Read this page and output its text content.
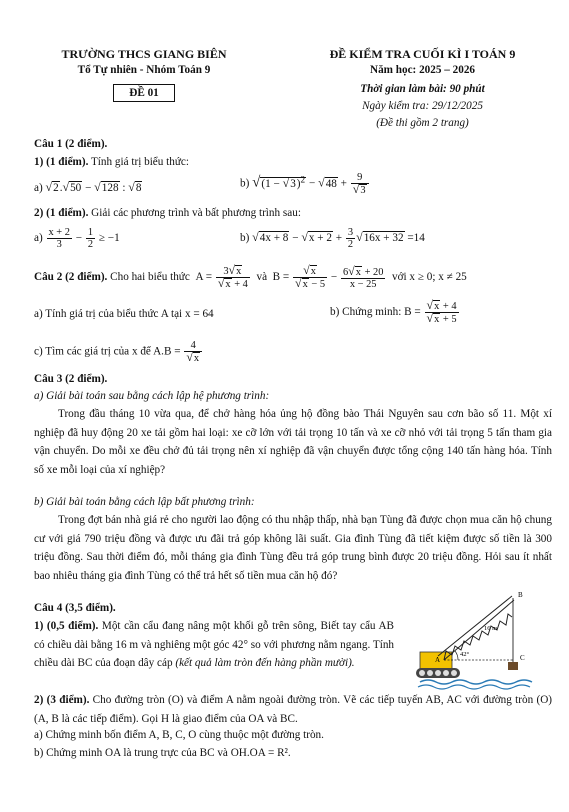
TRƯỜNG THCS GIANG BIÊN
Tổ Tự nhiên - Nhóm Toán 9
ĐỀ 01
ĐỀ KIỂM TRA CUỐI KÌ I TOÁN 9
Năm học: 2025 – 2026
Thời gian làm bài: 90 phút
Ngày kiểm tra: 29/12/2025
(Đề thi gồm 2 trang)
Câu 1 (2 điểm).
1) (1 điểm). Tính giá trị biểu thức:
a) √2.√50 − √128 : √8	b) $√(1 - √3)^2 - √48 + \frac{9}{√3}$
2) (1 điểm). Giải các phương trình và bất phương trình sau:
$a) \frac{x + 2}{3} - \frac{1}{2} \ge -1$	b) $√4x + 8 - √x + 2 + \frac{3}{2} √16x + 32 =14$
Câu 2 (2 điểm). Cho hai biểu thức  $A = \frac{3√x}{√x + 4}$ và  $B = \frac{√x}{√x - 5} - \frac{6√x + 20}{x - 25}$ với x ≥ 0; x ≠ 25
a) Tính giá trị của biểu thức A tại x = 64	b) Chứng minh: $B = \frac{√x + 4}{√x + 5}$
c) Tìm các giá trị của x để $A.B = \frac{4}{√x}$
Câu 3 (2 điểm).
a) Giải bài toán sau bằng cách lập hệ phương trình:
Trong đầu tháng 10 vừa qua, để chở hàng hóa ủng hộ đồng bào Thái Nguyên sau cơn bão số 11. Một xí nghiệp đã huy động 20 xe tải gồm hai loại: xe cỡ lớn với tải trọng 10 tấn và xe cỡ nhỏ với tải trọng 5 tấn tham gia vận chuyển. Do mỗi xe đều chở đủ tải trọng nên xí nghiệp đã vận chuyển được tổng cộng 140 tấn hàng hóa. Tính số xe mỗi loại của xí nghiệp?
b) Giải bài toán bằng cách lập bất phương trình:
Trong đợt bán nhà giá rẻ cho người lao động có thu nhập thấp, nhà bạn Tùng đã được chọn mua căn hộ chung cư với giá 790 triệu đồng và được ưu đãi trả góp không lãi suất. Gia đình Tùng đã tiết kiệm được số tiền là 300 triệu đồng. Sau thời điểm đó, mỗi tháng gia đình Tùng đều trả góp trung bình được 20 triệu đồng. Hỏi sau ít nhất bao nhiêu tháng gia đình Tùng có thể trả hết số tiền mua căn hộ đó?
Câu 4 (3,5 điểm).
1) (0,5 điểm). Một cần cẩu đang nâng một khối gỗ trên sông, Biết tay cẩu AB có chiều dài bằng 16 m và nghiêng một góc 42° so với phương nằm ngang. Tính chiều dài BC của đoạn dây cáp (kết quả làm tròn đến hàng phần mười).
B
16 m
42°
A	C
2) (3 điểm). Cho đường tròn (O) và điểm A nằm ngoài đường tròn. Vẽ các tiếp tuyến AB, AC với đường tròn (O) (A, B là các tiếp điểm). Gọi H là giao điểm của OA và BC.
a) Chứng minh bốn điểm A, B, C, O cùng thuộc một đường tròn.
b) Chứng minh OA là trung trực của BC và OH.OA = R².
